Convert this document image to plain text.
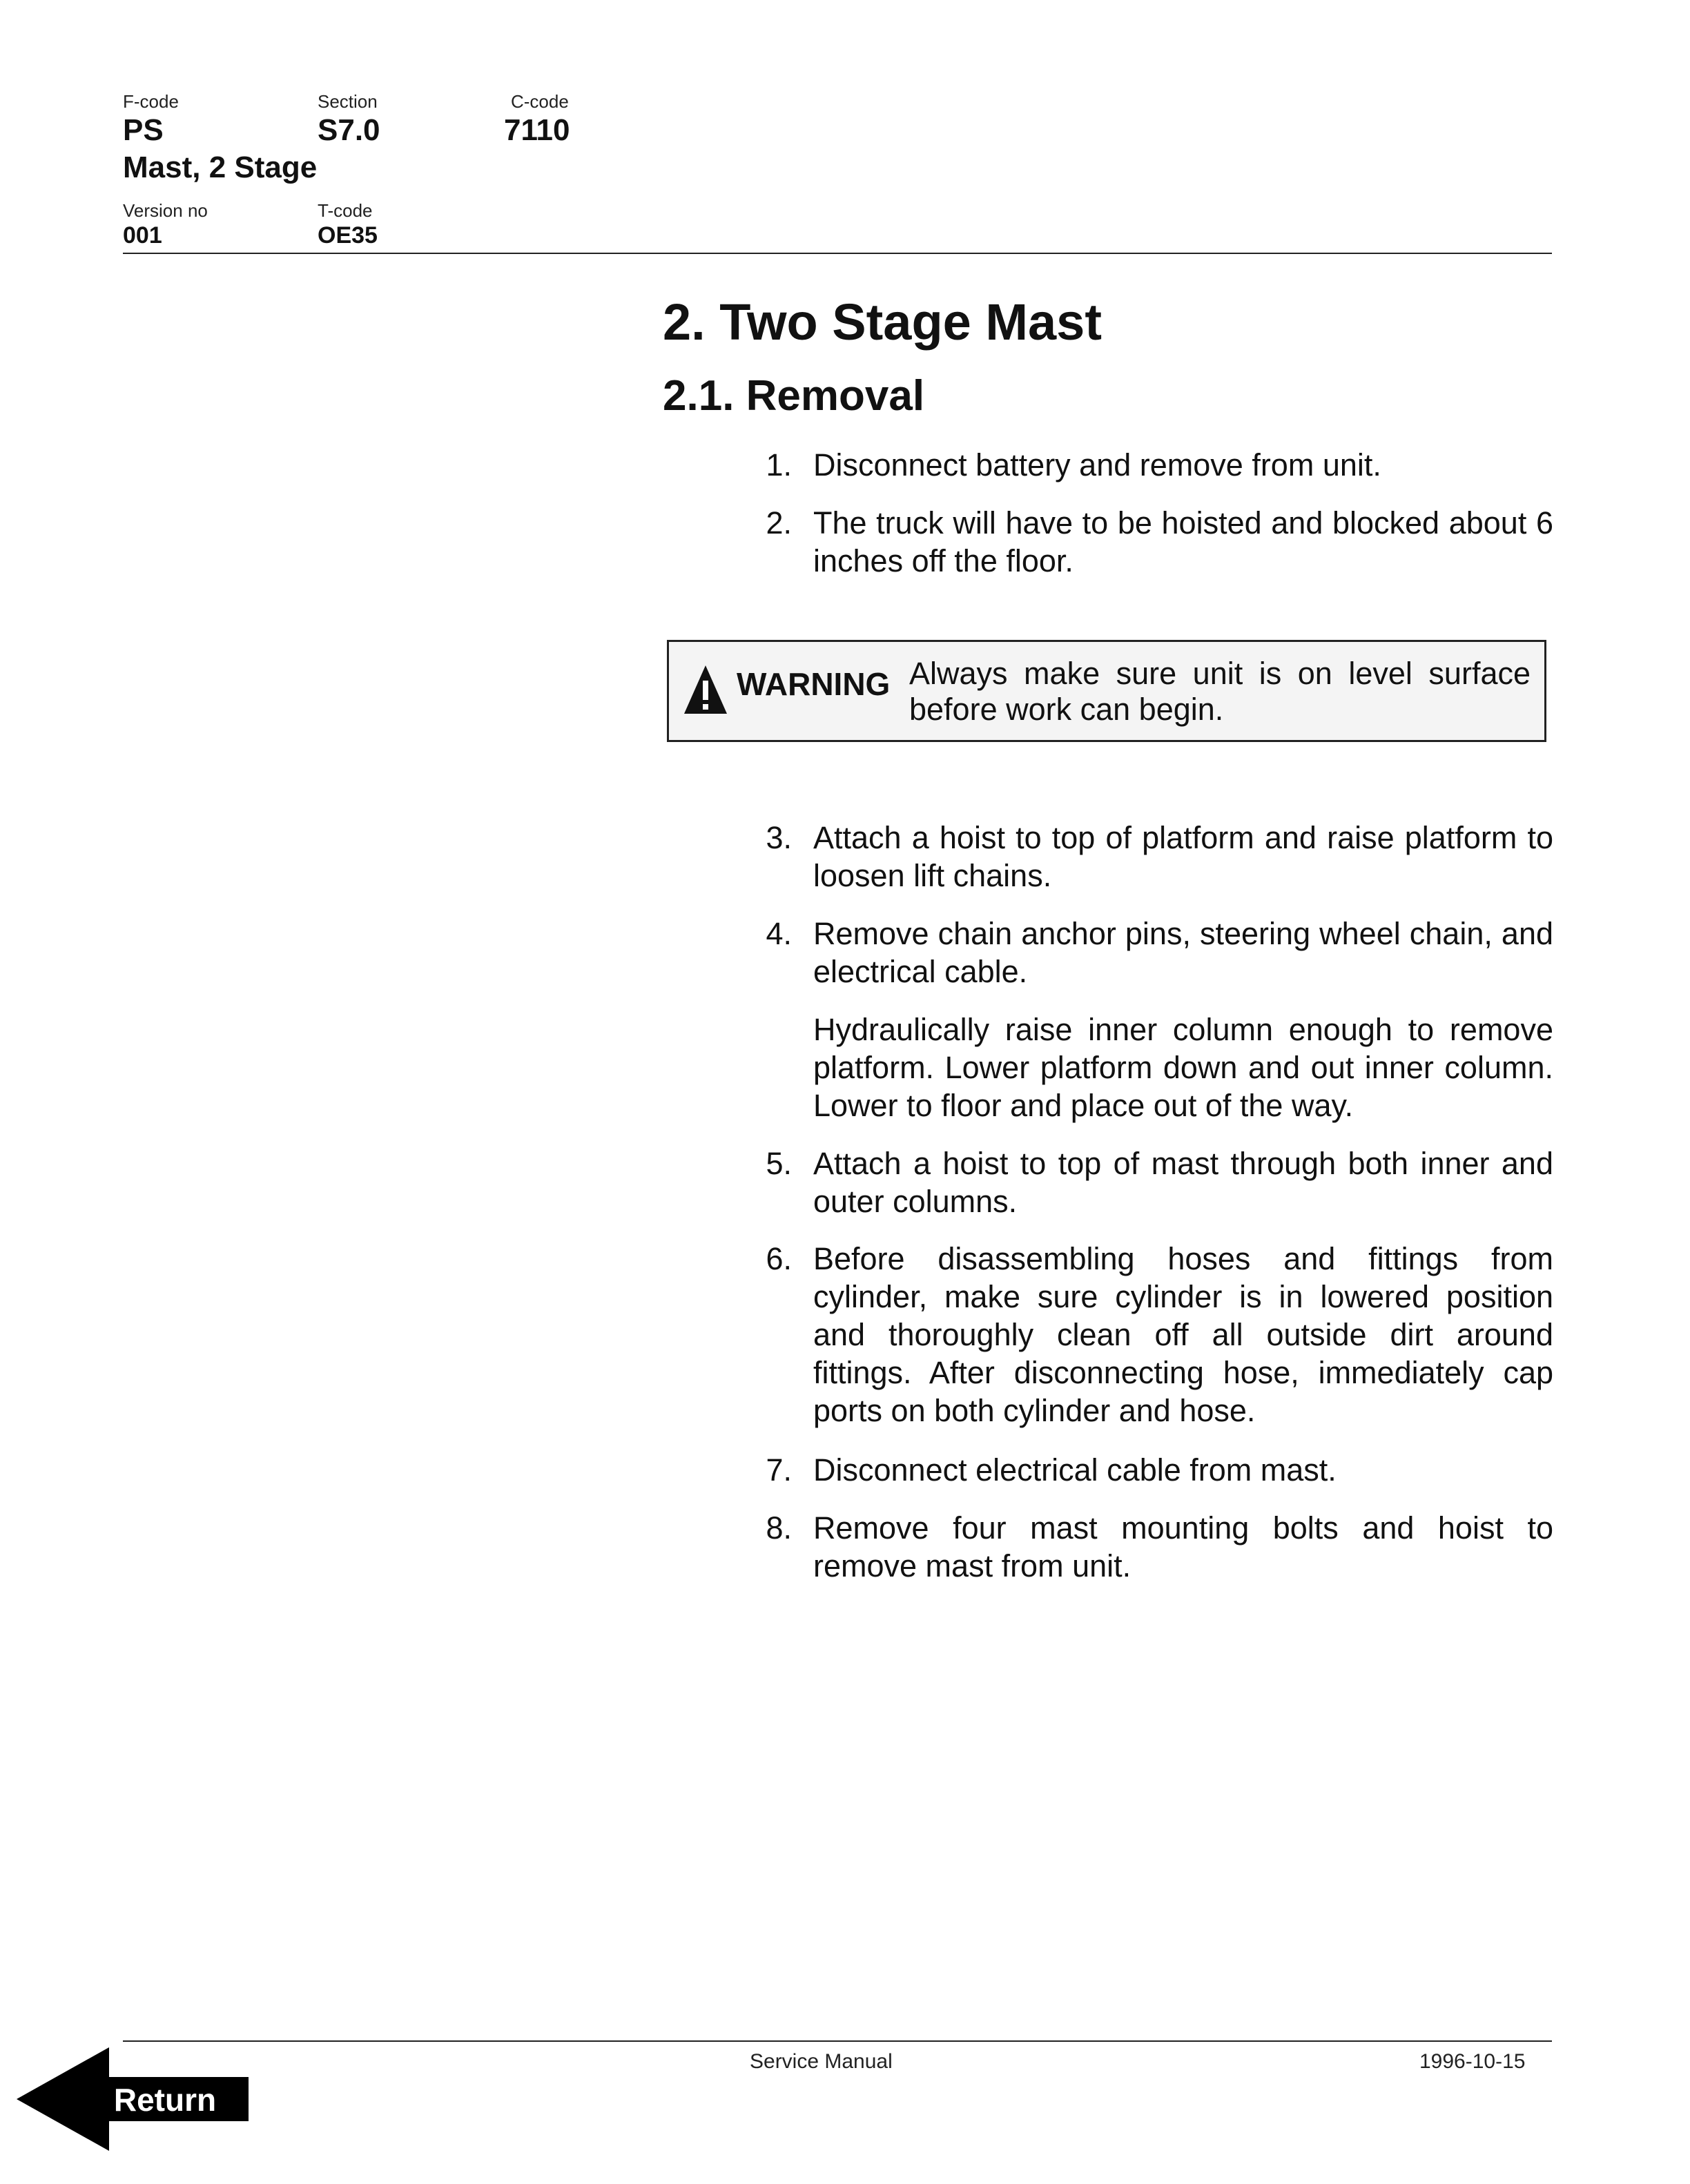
F-code
PS
Section
S7.0
C-code
7110
Mast, 2 Stage
Version no
001
T-code
OE35
2. Two Stage Mast
2.1. Removal
1. Disconnect battery and remove from unit.
2. The truck will have to be hoisted and blocked about 6 inches off the floor.
WARNING Always make sure unit is on level surface before work can begin.
3. Attach a hoist to top of platform and raise platform to loosen lift chains.
4. Remove chain anchor pins, steering wheel chain, and electrical cable.
Hydraulically raise inner column enough to remove platform. Lower platform down and out inner column. Lower to floor and place out of the way.
5. Attach a hoist to top of mast through both inner and outer columns.
6. Before disassembling hoses and fittings from cylinder, make sure cylinder is in lowered position and thoroughly clean off all outside dirt around fittings. After disconnecting hose, immediately cap ports on both cylinder and hose.
7. Disconnect electrical cable from mast.
8. Remove four mast mounting bolts and hoist to remove mast from unit.
Service Manual	1996-10-15
Return
